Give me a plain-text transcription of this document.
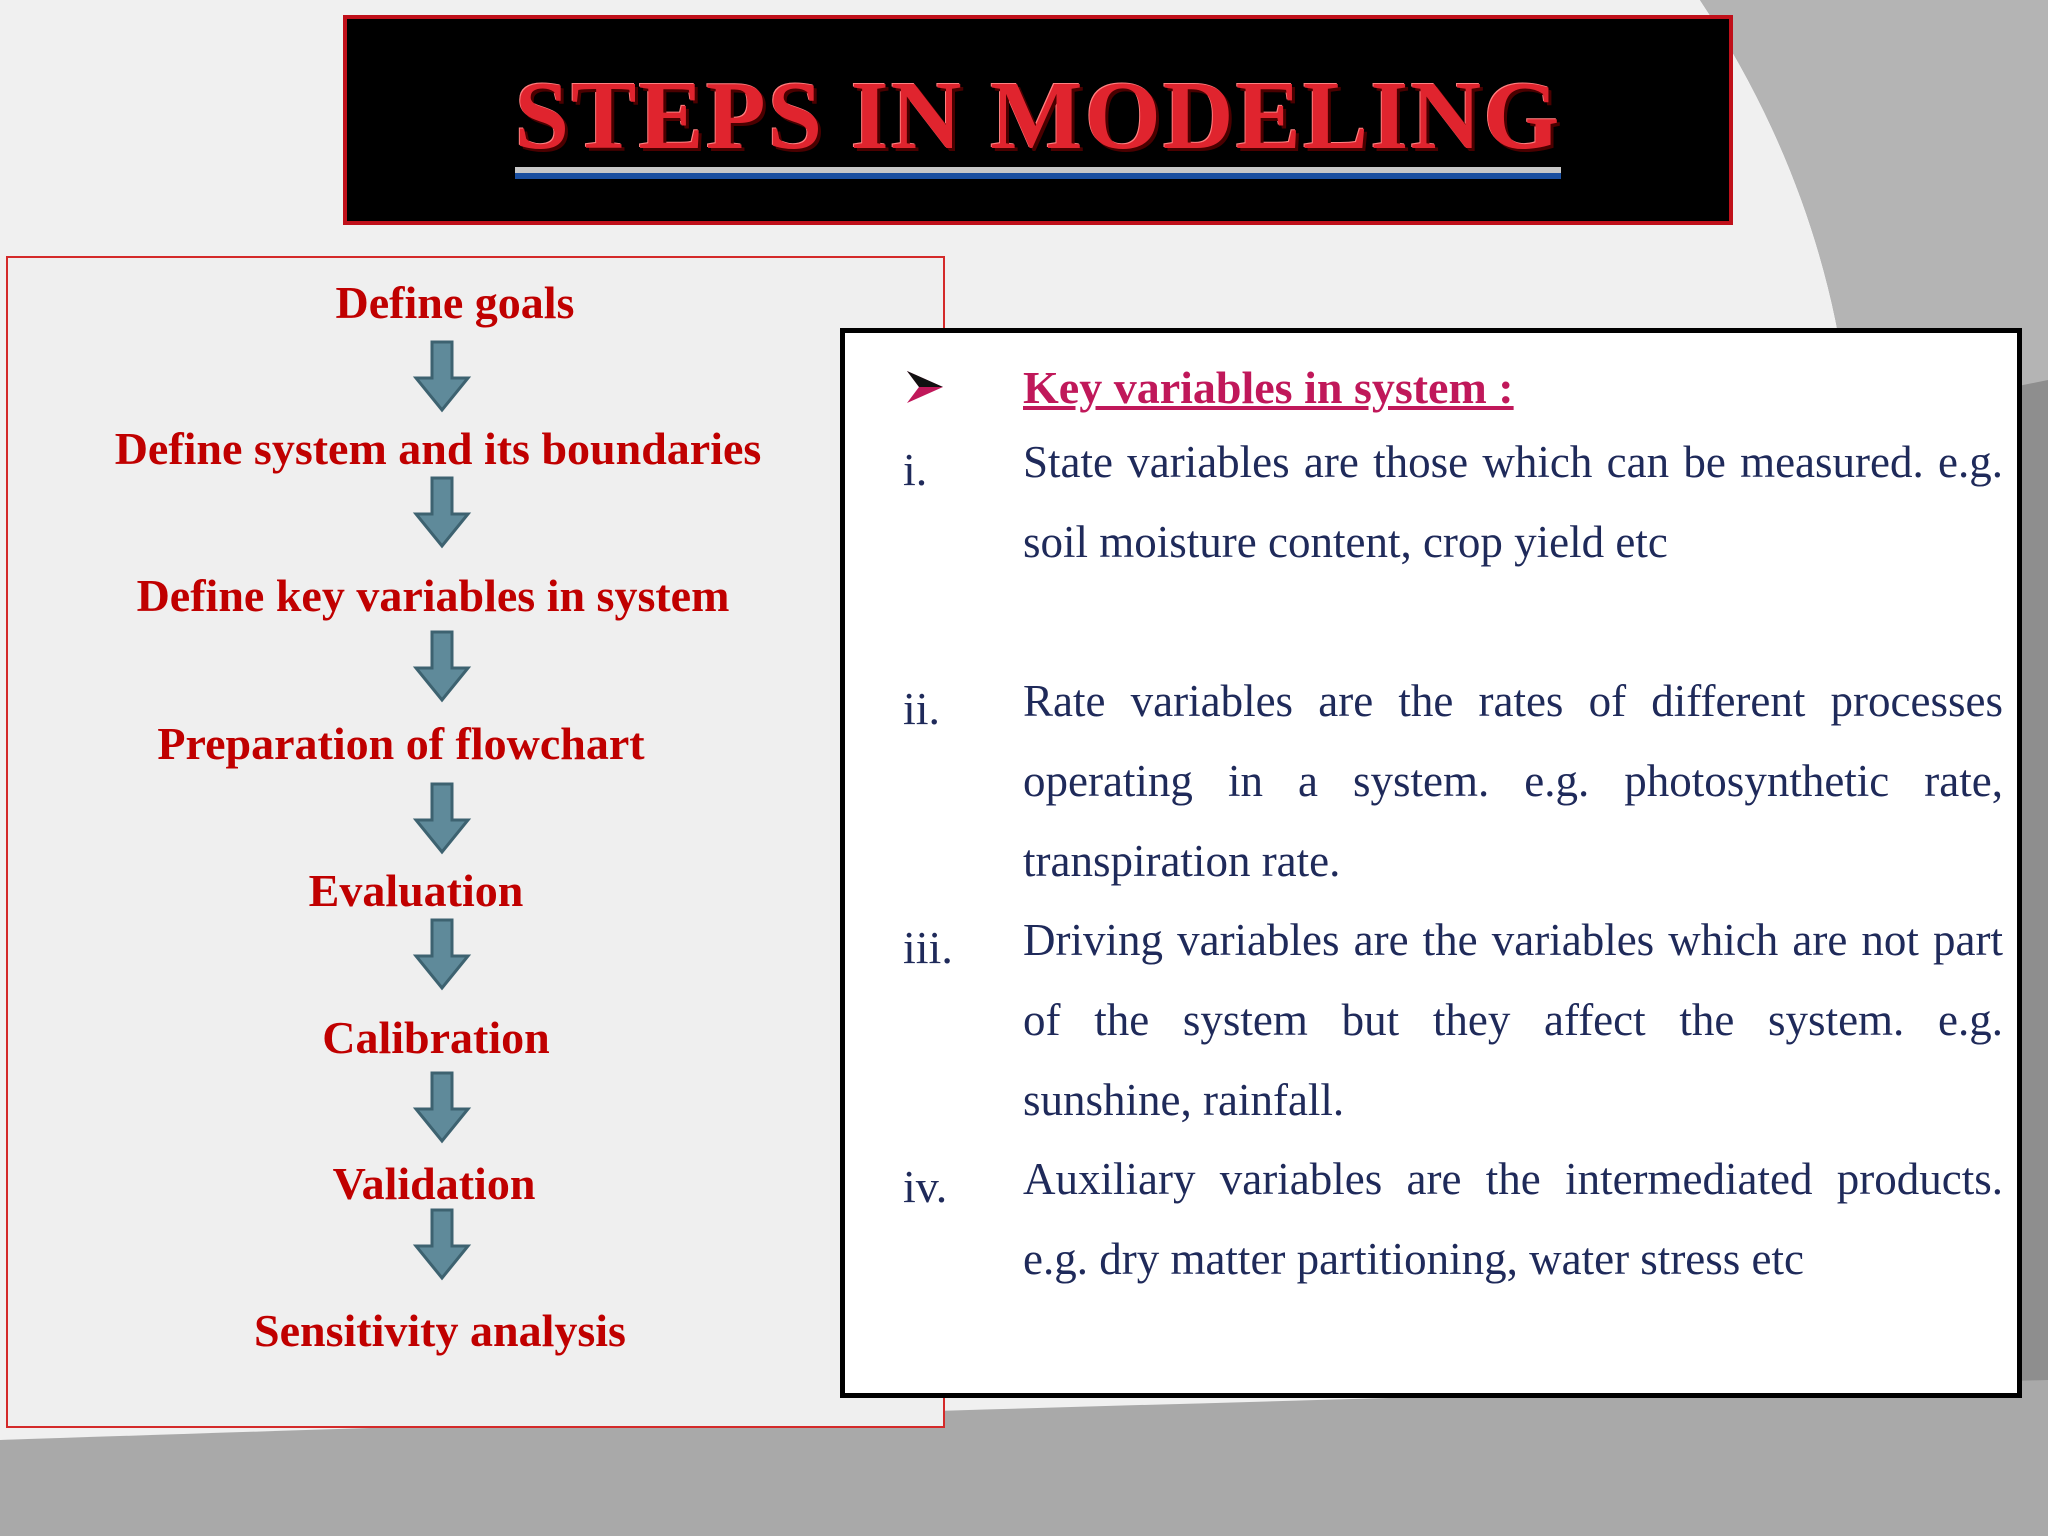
STEPS IN MODELING
Define goals
Define system and its boundaries
Define key variables in system
Preparation of flowchart
Evaluation
Calibration
Validation
Sensitivity analysis
Key variables in system :
i. State variables are those which can be measured. e.g. soil moisture content, crop yield etc
ii. Rate variables are the rates of different processes operating in a system. e.g. photosynthetic rate, transpiration rate.
iii. Driving variables are the variables which are not part of the system but they affect the system. e.g. sunshine, rainfall.
iv. Auxiliary variables are the intermediated products. e.g. dry matter partitioning, water stress etc
